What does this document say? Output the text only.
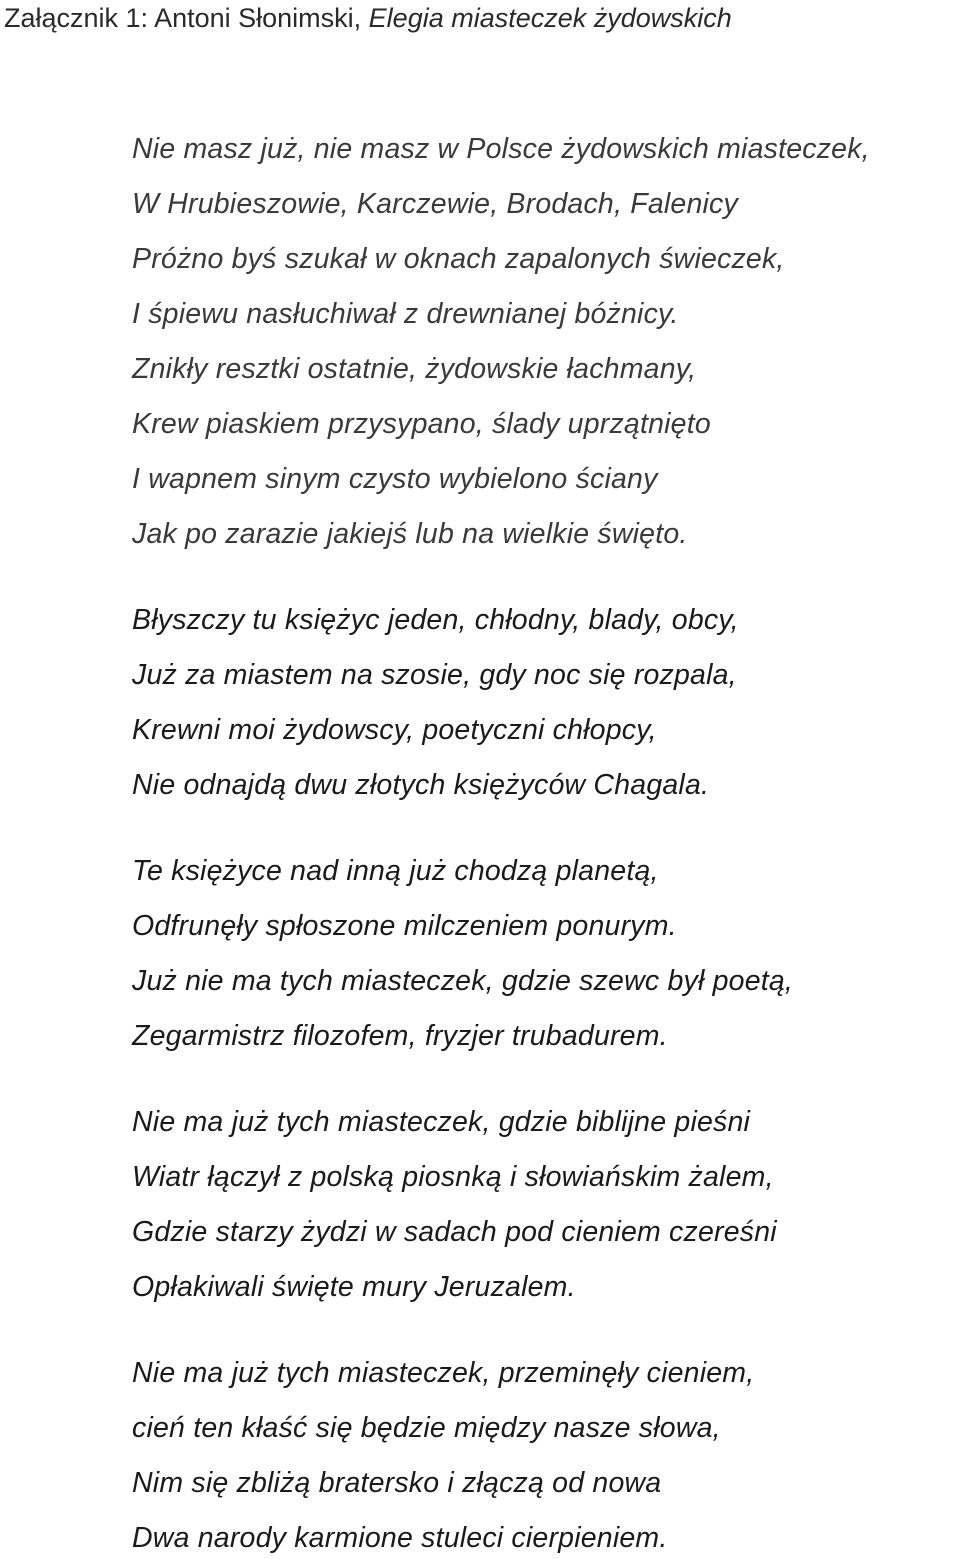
Załącznik 1: Antoni Słonimski, Elegia miasteczek żydowskich
Nie masz już, nie masz w Polsce żydowskich miasteczek,
W Hrubieszowie, Karczewie, Brodach, Falenicy
Próżno byś szukał w oknach zapalonych świeczek,
I śpiewu nasłuchiwał z drewnianej bóżnicy.
Znikły resztki ostatnie, żydowskie łachmany,
Krew piaskiem przysypano, ślady uprzątnięto
I wapnem sinym czysto wybielono ściany
Jak po zarazie jakiejś lub na wielkie święto.
Błyszczy tu księżyc jeden, chłodny, blady, obcy,
Już za miastem na szosie, gdy noc się rozpala,
Krewni moi żydowscy, poetyczni chłopcy,
Nie odnajdą dwu złotych księżyców Chagala.
Te księżyce nad inną już chodzą planetą,
Odfrunęły spłoszone milczeniem ponurym.
Już nie ma tych miasteczek, gdzie szewc był poetą,
Zegarmistrz filozofem, fryzjer trubadurem.
Nie ma już tych miasteczek, gdzie biblijne pieśni
Wiatr łączył z polską piosnką i słowiańskim żalem,
Gdzie starzy żydzi w sadach pod cieniem czereśni
Opłakiwali święte mury Jeruzalem.
Nie ma już tych miasteczek, przeminęły cieniem,
cień ten kłaść się będzie między nasze słowa,
Nim się zbliżą bratersko i złączą od nowa
Dwa narody karmione stuleci cierpieniem.
